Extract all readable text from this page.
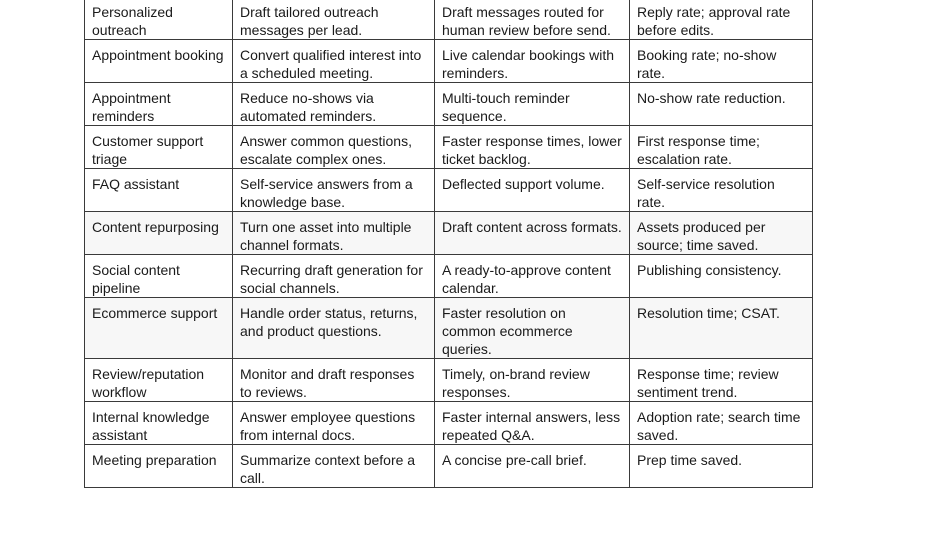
Personalized outreach	Draft tailored outreach messages per lead.	Draft messages routed for human review before send.	Reply rate; approval rate before edits.
Appointment booking	Convert qualified interest into a scheduled meeting.	Live calendar bookings with reminders.	Booking rate; no-show rate.
Appointment reminders	Reduce no-shows via automated reminders.	Multi-touch reminder sequence.	No-show rate reduction.
Customer support triage	Answer common questions, escalate complex ones.	Faster response times, lower ticket backlog.	First response time; escalation rate.
FAQ assistant	Self-service answers from a knowledge base.	Deflected support volume.	Self-service resolution rate.
Content repurposing	Turn one asset into multiple channel formats.	Draft content across formats.	Assets produced per source; time saved.
Social content pipeline	Recurring draft generation for social channels.	A ready-to-approve content calendar.	Publishing consistency.
Ecommerce support	Handle order status, returns, and product questions.	Faster resolution on common ecommerce queries.	Resolution time; CSAT.
Review/reputation workflow	Monitor and draft responses to reviews.	Timely, on-brand review responses.	Response time; review sentiment trend.
Internal knowledge assistant	Answer employee questions from internal docs.	Faster internal answers, less repeated Q&A.	Adoption rate; search time saved.
Meeting preparation	Summarize context before a call.	A concise pre-call brief.	Prep time saved.
